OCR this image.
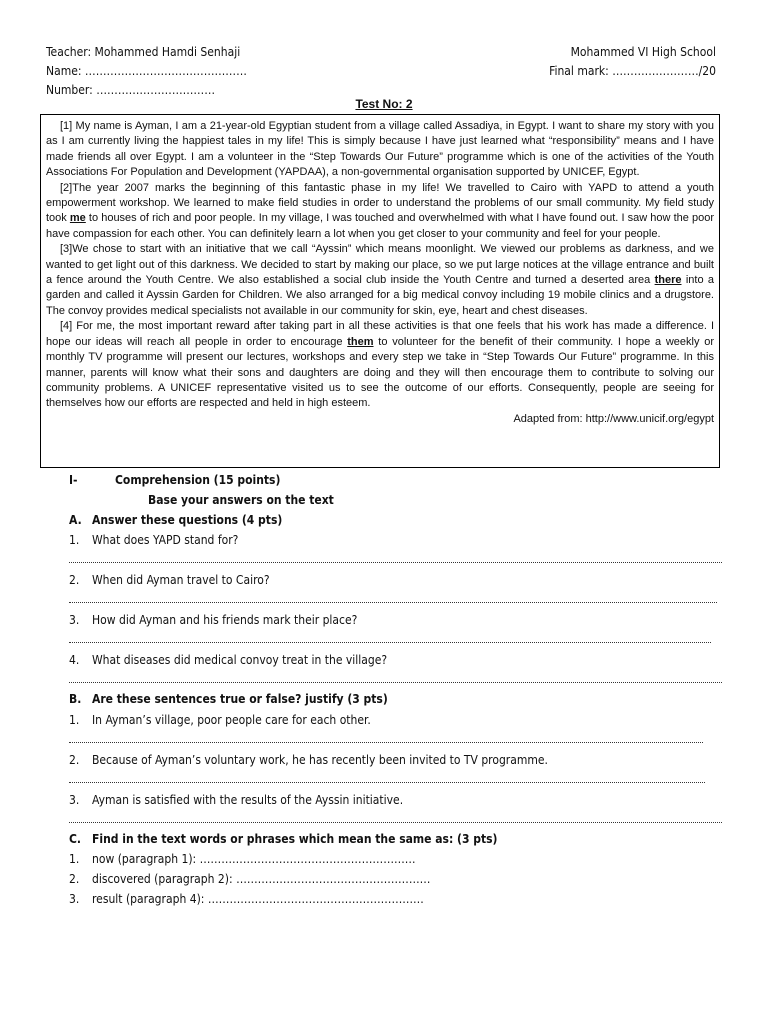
Teacher: Mohammed Hamdi Senhaji
Name: ………………………………………
Number: ……………………………
Mohammed VI High School
Final mark: ……………………/20
Test No: 2

[1] My name is Ayman, I am a 21-year-old Egyptian student from a village called Assadiya, in Egypt. I want to share my story with you as I am currently living the happiest tales in my life! This is simply because I have just learned what “responsibility” means and I have made friends all over Egypt. I am a volunteer in the “Step Towards Our Future” programme which is one of the activities of the Youth Associations For Population and Development (YAPDAA), a non-governmental organisation supported by UNICEF, Egypt.

[2]The year 2007 marks the beginning of this fantastic phase in my life! We travelled to Cairo with YAPD to attend a youth empowerment workshop. We learned to make field studies in order to understand the problems of our small community. My field study took me to houses of rich and poor people. In my village, I was touched and overwhelmed with what I have found out. I saw how the poor have compassion for each other. You can definitely learn a lot when you get closer to your community and feel for your people.

[3]We chose to start with an initiative that we call “Ayssin” which means moonlight. We viewed our problems as darkness, and we wanted to get light out of this darkness. We decided to start by making our place, so we put large notices at the village entrance and built a fence around the Youth Centre. We also established a social club inside the Youth Centre and turned a deserted area there into a garden and called it Ayssin Garden for Children. We also arranged for a big medical convoy including 19 mobile clinics and a drugstore. The convoy provides medical specialists not available in our community for skin, eye, heart and chest diseases.

[4] For me, the most important reward after taking part in all these activities is that one feels that his work has made a difference. I hope our ideas will reach all people in order to encourage them to volunteer for the benefit of their community. I hope a weekly or monthly TV programme will present our lectures, workshops and every step we take in “Step Towards Our Future” programme. In this manner, parents will know what their sons and daughters are doing and they will then encourage them to contribute to solving our community problems. A UNICEF representative visited us to see the outcome of our efforts. Consequently, people are seeing for themselves how our efforts are respected and held in high esteem.

Adapted from: http://www.unicif.org/egypt
I-	Comprehension (15 points)
Base your answers on the text
A. Answer these questions (4 pts)
1. What does YAPD stand for?
2. When did Ayman travel to Cairo?
3. How did Ayman and his friends mark their place?
4. What diseases did medical convoy treat in the village?
B. Are these sentences true or false? justify (3 pts)
1. In Ayman’s village, poor people care for each other.
2. Because of Ayman’s voluntary work, he has recently been invited to TV programme.
3. Ayman is satisfied with the results of the Ayssin initiative.
C. Find in the text words or phrases which mean the same as: (3 pts)
1. now (paragraph 1): ……………………………………………………
2. discovered (paragraph 2): ………………………………………………
3. result (paragraph 4): ……………………………………………………
